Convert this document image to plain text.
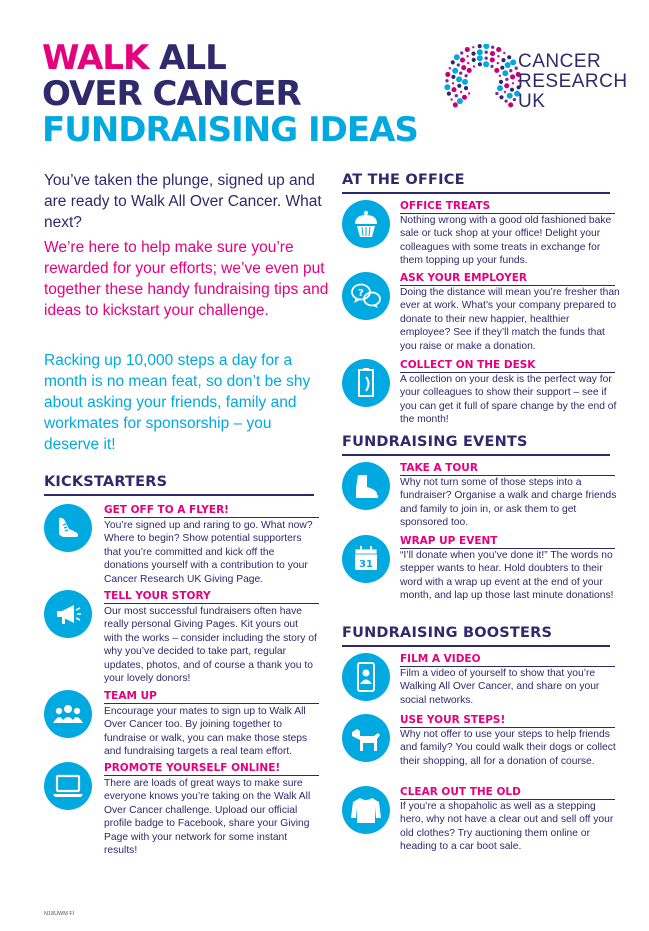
WALK ALL
OVER CANCER
FUNDRAISING IDEAS
CANCER
RESEARCH
UK

You’ve taken the plunge, signed up and are ready to Walk All Over Cancer. What next?

We’re here to help make sure you’re rewarded for your efforts; we’ve even put together these handy fundraising tips and ideas to kickstart your challenge.

Racking up 10,000 steps a day for a month is no mean feat, so don’t be shy about asking your friends, family and workmates for sponsorship – you deserve it!

KICKSTARTERS
GET OFF TO A FLYER!
You’re signed up and raring to go. What now? Where to begin? Show potential supporters that you’re committed and kick off the donations yourself with a contribution to your Cancer Research UK Giving Page.
TELL YOUR STORY
Our most successful fundraisers often have really personal Giving Pages. Kit yours out with the works – consider including the story of why you’ve decided to take part, regular updates, photos, and of course a thank you to your lovely donors!
TEAM UP
Encourage your mates to sign up to Walk All Over Cancer too. By joining together to fundraise or walk, you can make those steps and fundraising targets a real team effort.
PROMOTE YOURSELF ONLINE!
There are loads of great ways to make sure everyone knows you’re taking on the Walk All Over Cancer challenge. Upload our official profile badge to Facebook, share your Giving Page with your network for some instant results!
AT THE OFFICE
OFFICE TREATS
Nothing wrong with a good old fashioned bake sale or tuck shop at your office! Delight your colleagues with some treats in exchange for them topping up your funds.
?
ASK YOUR EMPLOYER
Doing the distance will mean you’re fresher than ever at work. What’s your company prepared to donate to their new happier, healthier employee? See if they’ll match the funds that you raise or make a donation.
COLLECT ON THE DESK
A collection on your desk is the perfect way for your colleagues to show their support – see if you can get it full of spare change by the end of the month!
FUNDRAISING EVENTS
TAKE A TOUR
Why not turn some of those steps into a fundraiser? Organise a walk and charge friends and family to join in, or ask them to get sponsored too.
31
WRAP UP EVENT
“I’ll donate when you’ve done it!” The words no stepper wants to hear. Hold doubters to their word with a wrap up event at the end of your month, and lap up those last minute donations!
FUNDRAISING BOOSTERS
FILM A VIDEO
Film a video of yourself to show that you’re Walking All Over Cancer, and share on your social networks.
USE YOUR STEPS!
Why not offer to use your steps to help friends and family? You could walk their dogs or collect their shopping, all for a donation of course.
CLEAR OUT THE OLD
If you’re a shopaholic as well as a stepping hero, why not have a clear out and sell off your old clothes? Try auctioning them online or heading to a car boot sale.
N18UWM FI
